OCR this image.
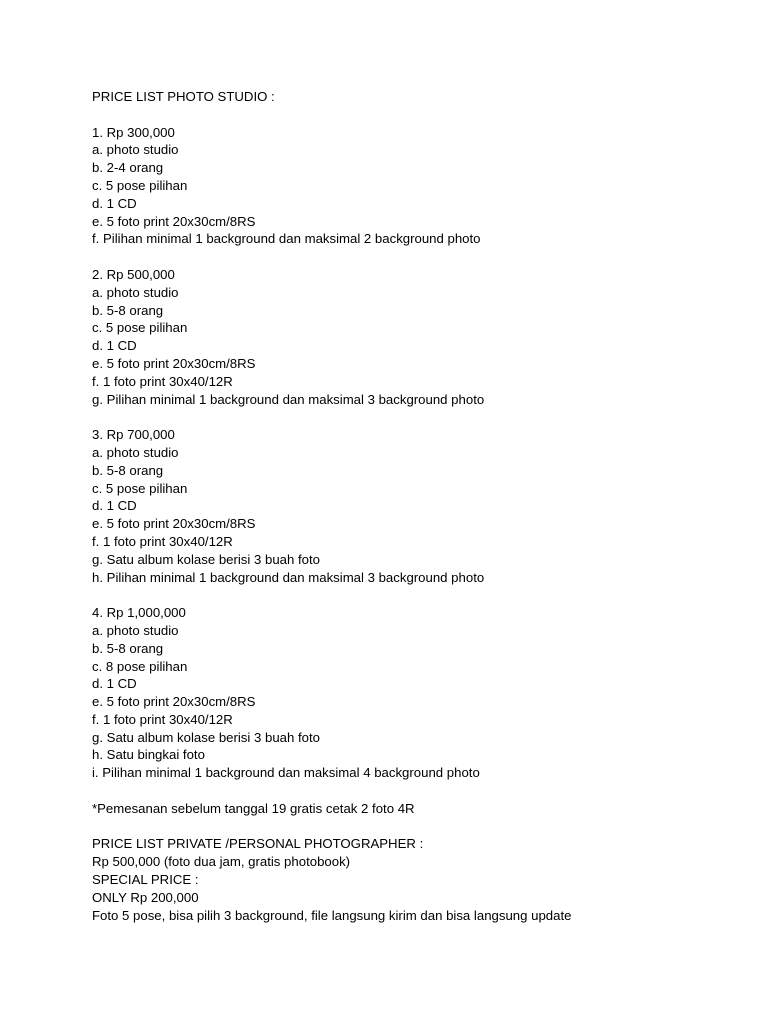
PRICE LIST PHOTO STUDIO :
1. Rp 300,000
a. photo studio
b. 2-4 orang
c. 5 pose pilihan
d. 1 CD
e. 5 foto print 20x30cm/8RS
f. Pilihan minimal 1 background dan maksimal 2 background photo
2. Rp 500,000
a. photo studio
b. 5-8 orang
c. 5 pose pilihan
d. 1 CD
e. 5 foto print 20x30cm/8RS
f. 1 foto print 30x40/12R
g. Pilihan minimal 1 background dan maksimal 3 background photo
3. Rp 700,000
a. photo studio
b. 5-8 orang
c. 5 pose pilihan
d. 1 CD
e. 5 foto print 20x30cm/8RS
f. 1 foto print 30x40/12R
g. Satu album kolase berisi 3 buah foto
h. Pilihan minimal 1 background dan maksimal 3 background photo
4. Rp 1,000,000
a. photo studio
b. 5-8 orang
c. 8 pose pilihan
d. 1 CD
e. 5 foto print 20x30cm/8RS
f. 1 foto print 30x40/12R
g. Satu album kolase berisi 3 buah foto
h. Satu bingkai foto
i. Pilihan minimal 1 background dan maksimal 4 background photo
*Pemesanan sebelum tanggal 19 gratis cetak 2 foto 4R
PRICE LIST PRIVATE /PERSONAL PHOTOGRAPHER :
Rp 500,000 (foto dua jam, gratis photobook)
SPECIAL PRICE :
ONLY Rp 200,000
Foto 5 pose, bisa pilih 3 background, file langsung kirim dan bisa langsung update
